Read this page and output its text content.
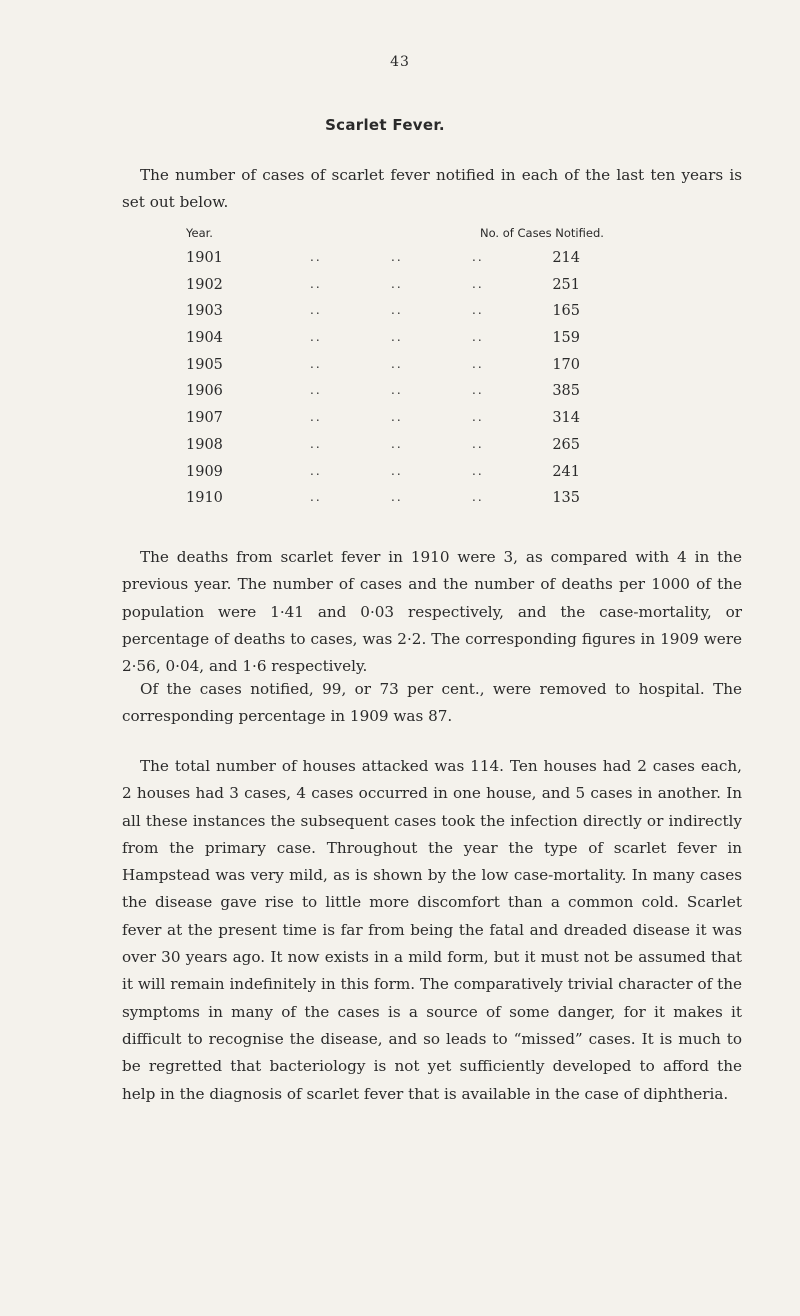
43
Scarlet Fever.
The number of cases of scarlet fever notified in each of the last ten years is set out below.
Year.	No. of Cases Notified.
1901	..	..	..	214
1902	..	..	..	251
1903	..	..	..	165
1904	..	..	..	159
1905	..	..	..	170
1906	..	..	..	385
1907	..	..	..	314
1908	..	..	..	265
1909	..	..	..	241
1910	..	..	..	135
The deaths from scarlet fever in 1910 were 3, as compared with 4 in the previous year. The number of cases and the number of deaths per 1000 of the population were 1·41 and 0·03 respectively, and the case-mortality, or percentage of deaths to cases, was 2·2. The corresponding figures in 1909 were 2·56, 0·04, and 1·6 respectively.
Of the cases notified, 99, or 73 per cent., were removed to hospital. The corresponding percentage in 1909 was 87.
The total number of houses attacked was 114. Ten houses had 2 cases each, 2 houses had 3 cases, 4 cases occurred in one house, and 5 cases in another. In all these instances the subsequent cases took the infection directly or indirectly from the primary case. Throughout the year the type of scarlet fever in Hampstead was very mild, as is shown by the low case-mortality. In many cases the disease gave rise to little more discomfort than a common cold. Scarlet fever at the present time is far from being the fatal and dreaded disease it was over 30 years ago. It now exists in a mild form, but it must not be assumed that it will remain indefinitely in this form. The comparatively trivial character of the symptoms in many of the cases is a source of some danger, for it makes it difficult to recognise the disease, and so leads to “missed” cases. It is much to be regretted that bacteriology is not yet sufficiently developed to afford the help in the diagnosis of scarlet fever that is available in the case of diphtheria.
